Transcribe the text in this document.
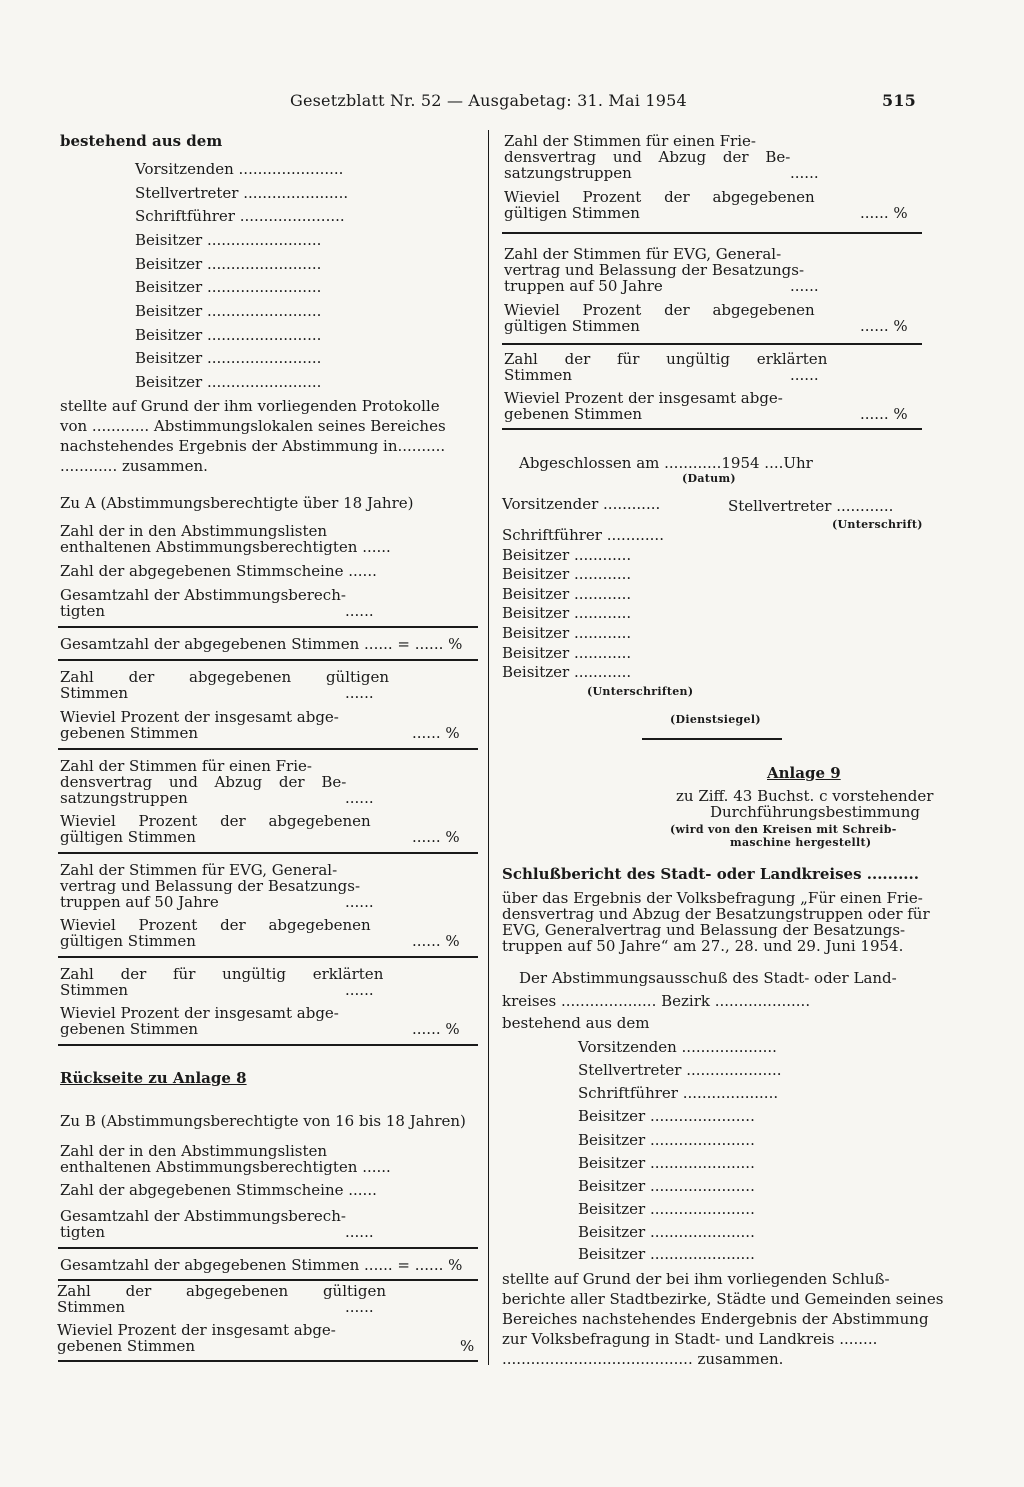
Gesetzblatt Nr. 52 — Ausgabetag: 31. Mai 1954	515
bestehend aus dem
Vorsitzenden ......................
Stellvertreter ......................
Schriftführer ......................
Beisitzer ........................
Beisitzer ........................
Beisitzer ........................
Beisitzer ........................
Beisitzer ........................
Beisitzer ........................
Beisitzer ........................
stellte auf Grund der ihm vorliegenden Protokolle
von ............ Abstimmungslokalen seines Bereiches
nachstehendes Ergebnis der Abstimmung in..........
............ zusammen.
Zu A (Abstimmungsberechtigte über 18 Jahre)
Zahl der in den Abstimmungslisten
enthaltenen Abstimmungsberechtigten ......
Zahl der abgegebenen Stimmscheine ......
Gesamtzahl der Abstimmungsberech-
tigten	......
Gesamtzahl der abgegebenen Stimmen ...... = ...... %
Zahl der abgegebenen gültigen
Stimmen	......
Wieviel Prozent der insgesamt abge-
gebenen Stimmen	...... %
Zahl der Stimmen für einen Frie-
densvertrag und Abzug der Be-
satzungstruppen	......
Wieviel Prozent der abgegebenen
gültigen Stimmen	...... %
Zahl der Stimmen für EVG, General-
vertrag und Belassung der Besatzungs-
truppen auf 50 Jahre	......
Wieviel Prozent der abgegebenen
gültigen Stimmen	...... %
Zahl der für ungültig erklärten
Stimmen	......
Wieviel Prozent der insgesamt abge-
gebenen Stimmen	...... %
Rückseite zu Anlage 8
Zu B (Abstimmungsberechtigte von 16 bis 18 Jahren)
Zahl der in den Abstimmungslisten
enthaltenen Abstimmungsberechtigten ......
Zahl der abgegebenen Stimmscheine ......
Gesamtzahl der Abstimmungsberech-
tigten	......
Gesamtzahl der abgegebenen Stimmen ...... = ...... %
Zahl der abgegebenen gültigen
Stimmen	......
Wieviel Prozent der insgesamt abge-
gebenen Stimmen	%
Zahl der Stimmen für einen Frie-
densvertrag und Abzug der Be-
satzungstruppen	......
Wieviel Prozent der abgegebenen
gültigen Stimmen	...... %
Zahl der Stimmen für EVG, General-
vertrag und Belassung der Besatzungs-
truppen auf 50 Jahre	......
Wieviel Prozent der abgegebenen
gültigen Stimmen	...... %
Zahl der für ungültig erklärten
Stimmen	......
Wieviel Prozent der insgesamt abge-
gebenen Stimmen	...... %
Abgeschlossen am ............1954 ....Uhr
(Datum)
Vorsitzender ............	Stellvertreter ............
(Unterschrift)
Schriftführer ............
Beisitzer ............
Beisitzer ............
Beisitzer ............
Beisitzer ............
Beisitzer ............
Beisitzer ............
Beisitzer ............
(Unterschriften)
(Dienstsiegel)
Anlage 9
zu Ziff. 43 Buchst. c vorstehender
Durchführungsbestimmung
(wird von den Kreisen mit Schreib-
maschine hergestellt)
Schlußbericht des Stadt- oder Landkreises ..........
über das Ergebnis der Volksbefragung „Für einen Frie-
densvertrag und Abzug der Besatzungstruppen oder für
EVG, Generalvertrag und Belassung der Besatzungs-
truppen auf 50 Jahre“ am 27., 28. und 29. Juni 1954.
Der Abstimmungsausschuß des Stadt- oder Land-
kreises .................... Bezirk ....................
bestehend aus dem
Vorsitzenden ....................
Stellvertreter ....................
Schriftführer ....................
Beisitzer ......................
Beisitzer ......................
Beisitzer ......................
Beisitzer ......................
Beisitzer ......................
Beisitzer ......................
Beisitzer ......................
stellte auf Grund der bei ihm vorliegenden Schluß-
berichte aller Stadtbezirke, Städte und Gemeinden seines
Bereiches nachstehendes Endergebnis der Abstimmung
zur Volksbefragung in Stadt- und Landkreis ........
........................................ zusammen.
